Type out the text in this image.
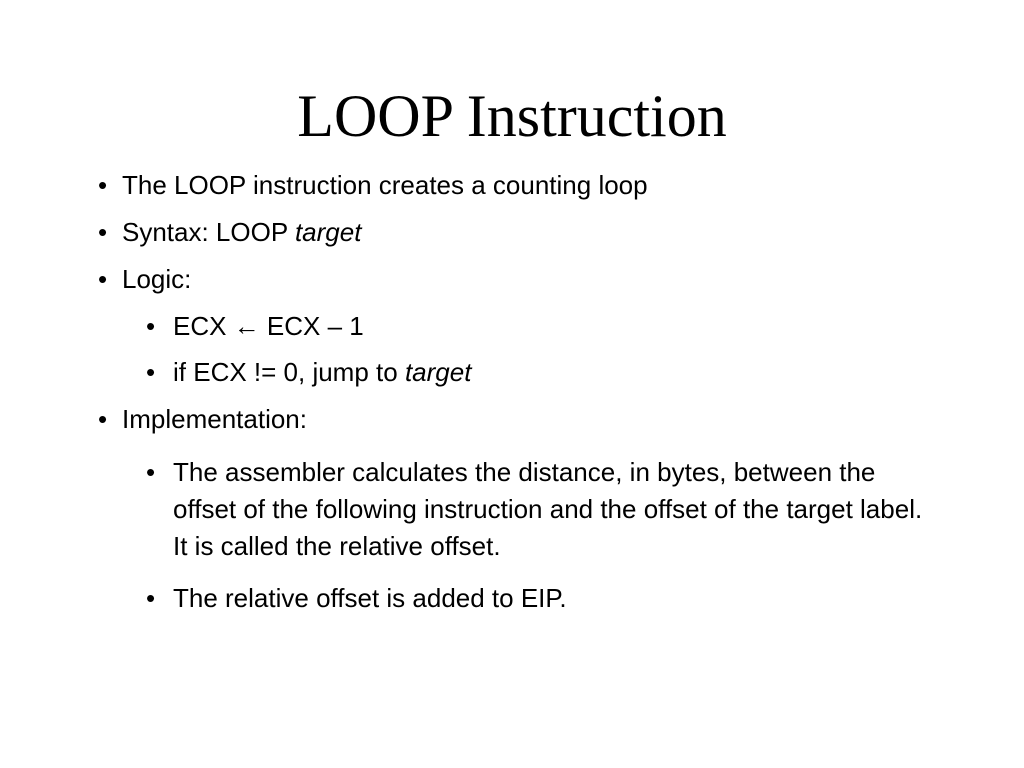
LOOP Instruction

• The LOOP instruction creates a counting loop

• Syntax: LOOP target

• Logic:

• ECX ← ECX – 1

• if ECX != 0, jump to target

• Implementation:

• The assembler calculates the distance, in bytes, between the offset of the following instruction and the offset of the target label. It is called the relative offset.

• The relative offset is added to EIP.
